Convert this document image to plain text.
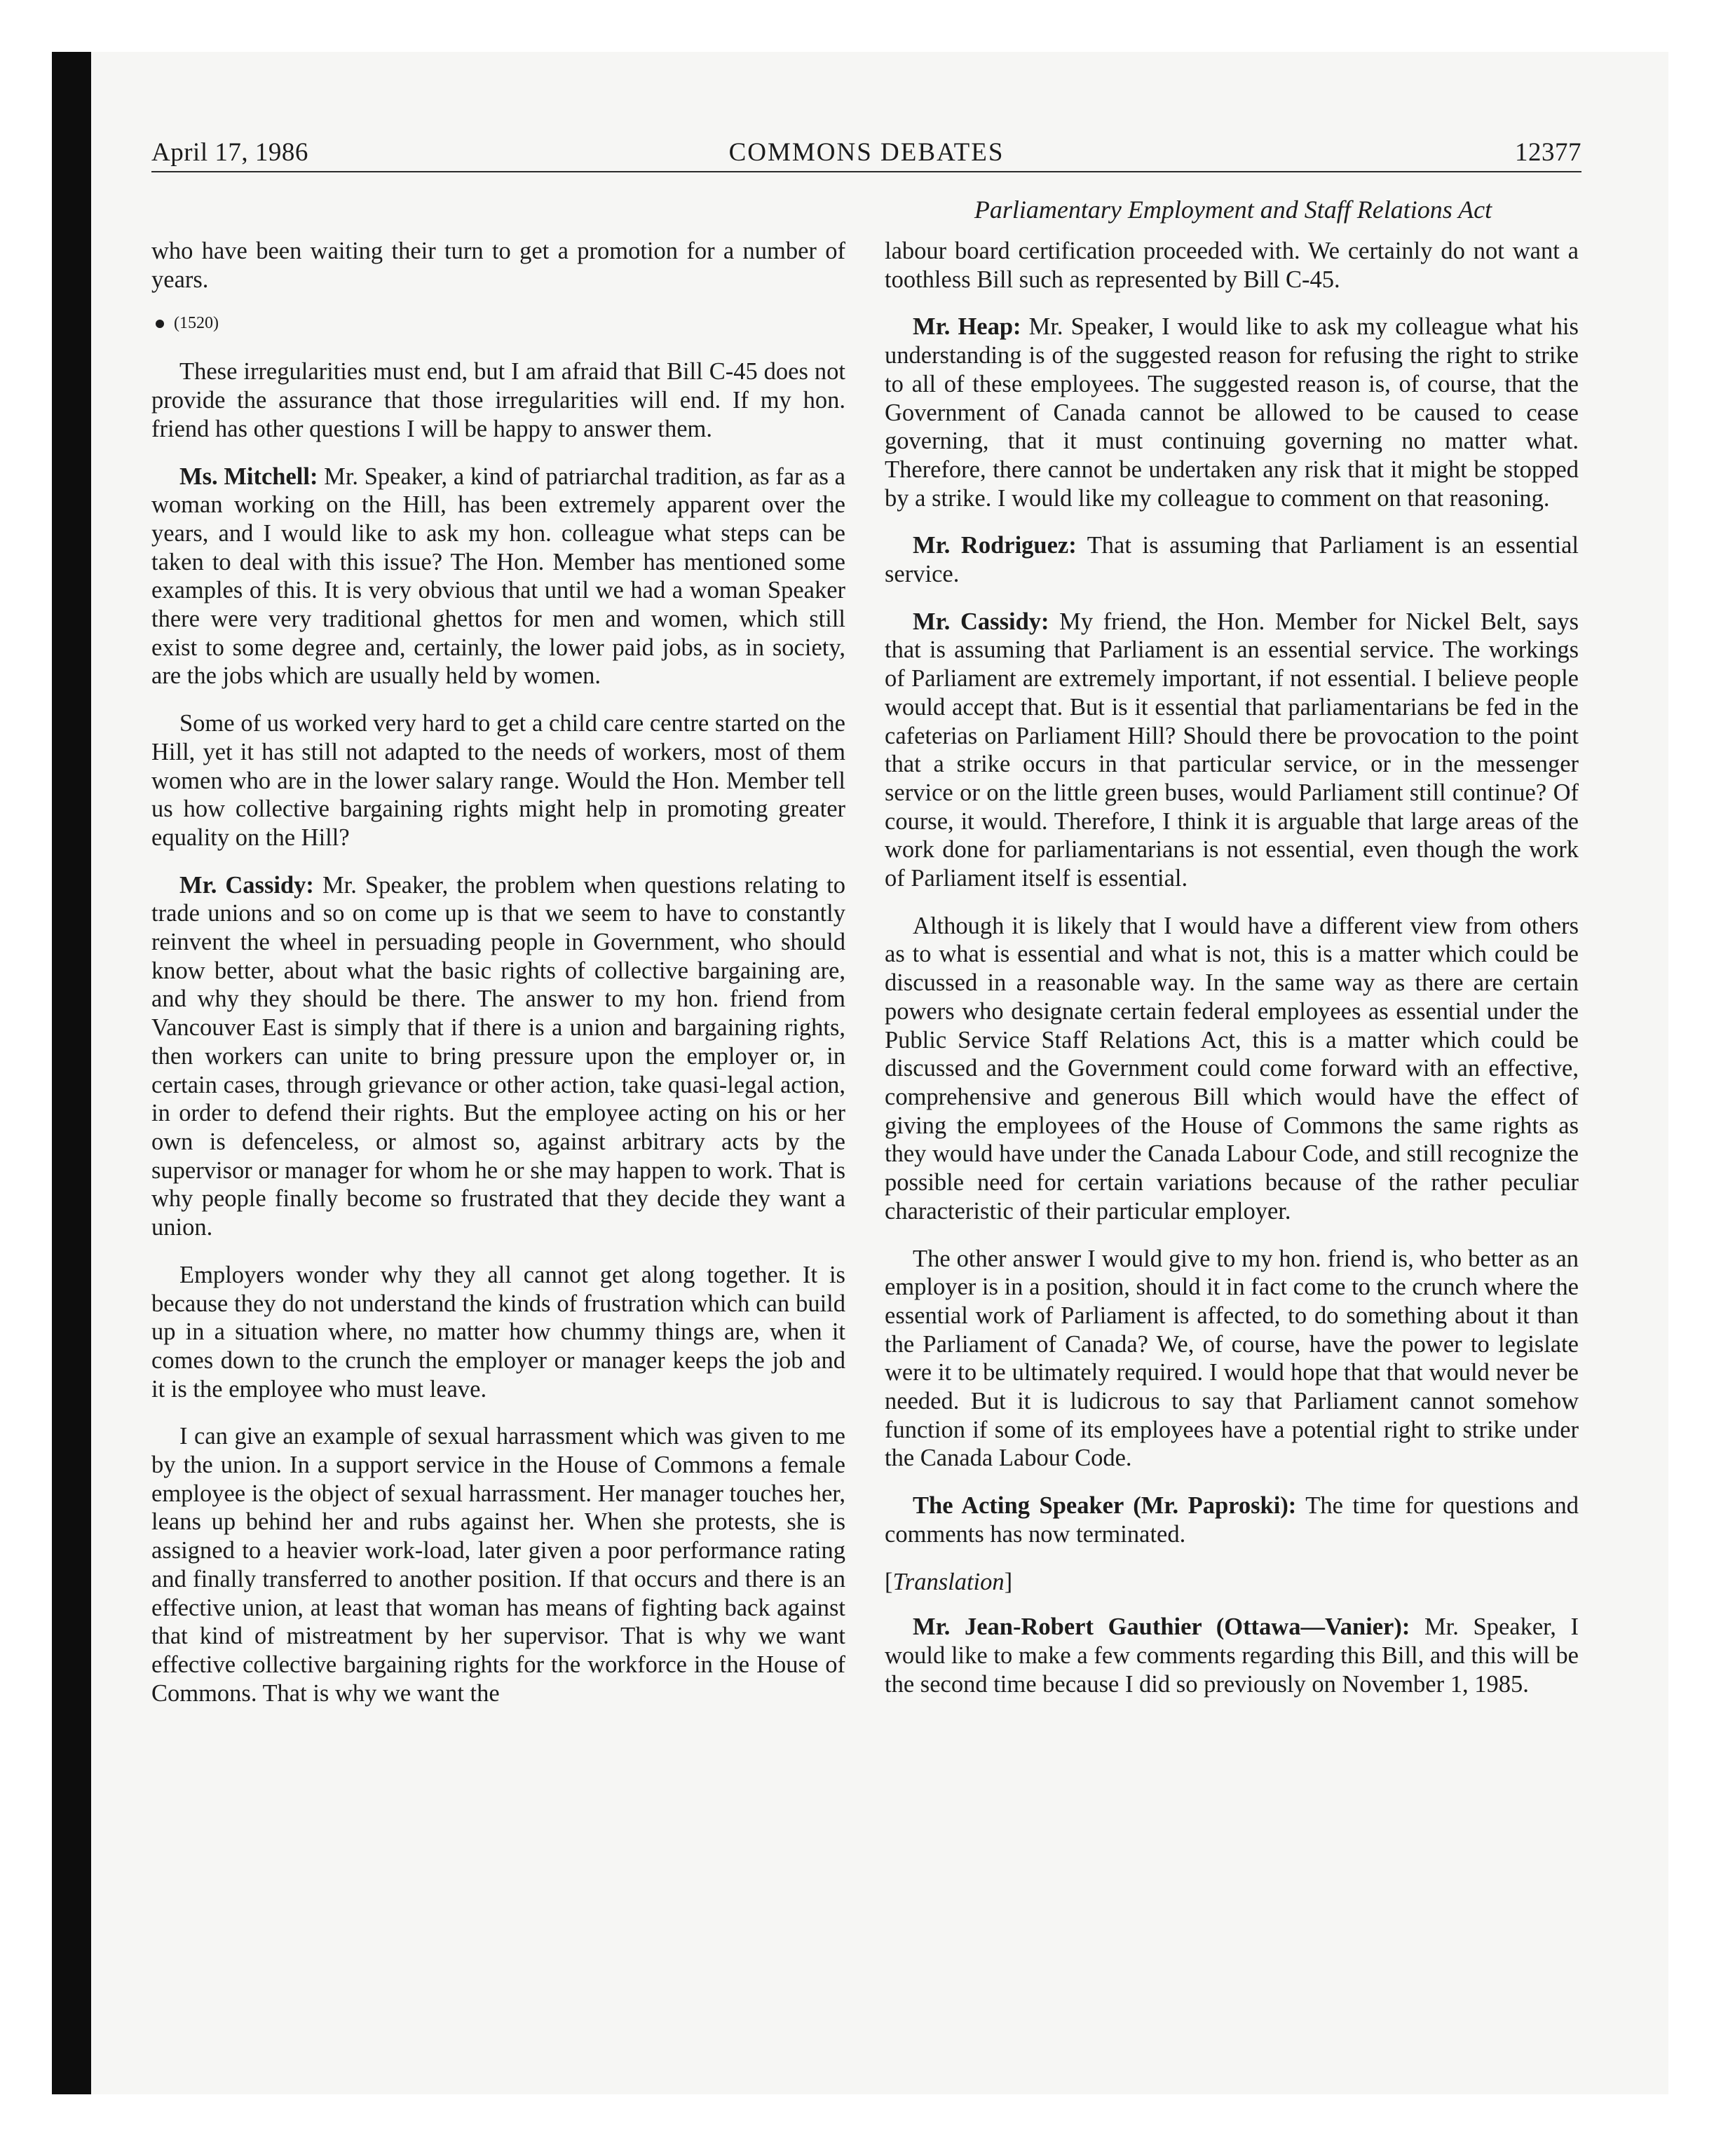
April 17, 1986	COMMONS DEBATES	12377
Parliamentary Employment and Staff Relations Act

who have been waiting their turn to get a promotion for a number of years.

(1520)

These irregularities must end, but I am afraid that Bill C-45 does not provide the assurance that those irregularities will end. If my hon. friend has other questions I will be happy to answer them.

Ms. Mitchell: Mr. Speaker, a kind of patriarchal tradition, as far as a woman working on the Hill, has been extremely apparent over the years, and I would like to ask my hon. colleague what steps can be taken to deal with this issue? The Hon. Member has mentioned some examples of this. It is very obvious that until we had a woman Speaker there were very traditional ghettos for men and women, which still exist to some degree and, certainly, the lower paid jobs, as in society, are the jobs which are usually held by women.

Some of us worked very hard to get a child care centre started on the Hill, yet it has still not adapted to the needs of workers, most of them women who are in the lower salary range. Would the Hon. Member tell us how collective bargaining rights might help in promoting greater equality on the Hill?

Mr. Cassidy: Mr. Speaker, the problem when questions relating to trade unions and so on come up is that we seem to have to constantly reinvent the wheel in persuading people in Government, who should know better, about what the basic rights of collective bargaining are, and why they should be there. The answer to my hon. friend from Vancouver East is simply that if there is a union and bargaining rights, then workers can unite to bring pressure upon the employer or, in certain cases, through grievance or other action, take quasi-legal action, in order to defend their rights. But the employee acting on his or her own is defenceless, or almost so, against arbitrary acts by the supervisor or manager for whom he or she may happen to work. That is why people finally become so frustrated that they decide they want a union.

Employers wonder why they all cannot get along together. It is because they do not understand the kinds of frustration which can build up in a situation where, no matter how chummy things are, when it comes down to the crunch the employer or manager keeps the job and it is the employee who must leave.

I can give an example of sexual harrassment which was given to me by the union. In a support service in the House of Commons a female employee is the object of sexual harrassment. Her manager touches her, leans up behind her and rubs against her. When she protests, she is assigned to a heavier work-load, later given a poor performance rating and finally transferred to another position. If that occurs and there is an effective union, at least that woman has means of fighting back against that kind of mistreatment by her supervisor. That is why we want effective collective bargaining rights for the workforce in the House of Commons. That is why we want the

labour board certification proceeded with. We certainly do not want a toothless Bill such as represented by Bill C-45.

Mr. Heap: Mr. Speaker, I would like to ask my colleague what his understanding is of the suggested reason for refusing the right to strike to all of these employees. The suggested reason is, of course, that the Government of Canada cannot be allowed to be caused to cease governing, that it must continuing governing no matter what. Therefore, there cannot be undertaken any risk that it might be stopped by a strike. I would like my colleague to comment on that reasoning.

Mr. Rodriguez: That is assuming that Parliament is an essential service.

Mr. Cassidy: My friend, the Hon. Member for Nickel Belt, says that is assuming that Parliament is an essential service. The workings of Parliament are extremely important, if not essential. I believe people would accept that. But is it essential that parliamentarians be fed in the cafeterias on Parliament Hill? Should there be provocation to the point that a strike occurs in that particular service, or in the messenger service or on the little green buses, would Parliament still continue? Of course, it would. Therefore, I think it is arguable that large areas of the work done for parliamentarians is not essential, even though the work of Parliament itself is essential.

Although it is likely that I would have a different view from others as to what is essential and what is not, this is a matter which could be discussed in a reasonable way. In the same way as there are certain powers who designate certain federal employees as essential under the Public Service Staff Relations Act, this is a matter which could be discussed and the Government could come forward with an effective, comprehensive and generous Bill which would have the effect of giving the employees of the House of Commons the same rights as they would have under the Canada Labour Code, and still recognize the possible need for certain variations because of the rather peculiar characteristic of their particular employer.

The other answer I would give to my hon. friend is, who better as an employer is in a position, should it in fact come to the crunch where the essential work of Parliament is affected, to do something about it than the Parliament of Canada? We, of course, have the power to legislate were it to be ultimately required. I would hope that that would never be needed. But it is ludicrous to say that Parliament cannot somehow function if some of its employees have a potential right to strike under the Canada Labour Code.

The Acting Speaker (Mr. Paproski): The time for questions and comments has now terminated.

[Translation]

Mr. Jean-Robert Gauthier (Ottawa—Vanier): Mr. Speaker, I would like to make a few comments regarding this Bill, and this will be the second time because I did so previously on November 1, 1985.
